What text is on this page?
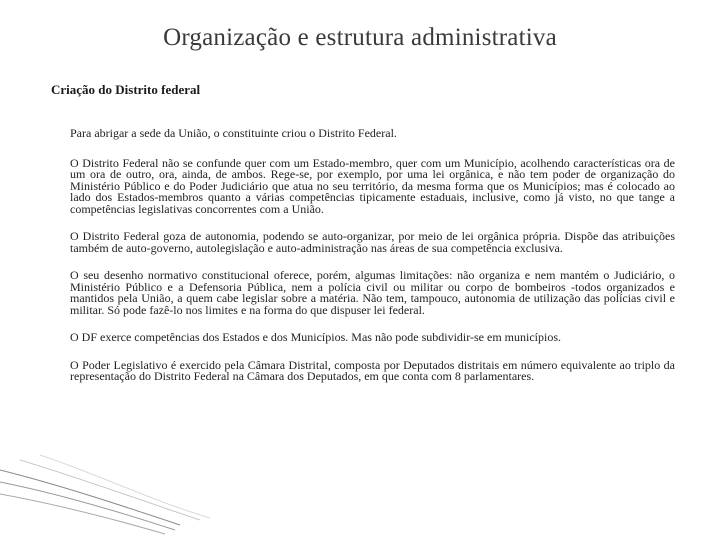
Organização e estrutura administrativa
Criação do Distrito federal

Para abrigar a sede da União, o constituinte criou o Distrito Federal.

O Distrito Federal não se confunde quer com um Estado-membro, quer com um Município, acolhendo características ora de um ora de outro, ora, ainda, de ambos. Rege-se, por exemplo, por uma lei orgânica, e não tem poder de organização do Ministério Público e do Poder Judiciário que atua no seu território, da mesma forma que os Municípios; mas é colocado ao lado dos Estados-membros quanto a várias competências tipicamente estaduais, inclusive, como já visto, no que tange a competências legislativas concorrentes com a União.

O Distrito Federal goza de autonomia, podendo se auto-organizar, por meio de lei orgânica própria. Dispõe das atribuições também de auto-governo, autolegislação e auto-administração nas áreas de sua competência exclusiva.

O seu desenho normativo constitucional oferece, porém, algumas limitações: não organiza e nem mantém o Judiciário, o Ministério Público e a Defensoria Pública, nem a polícia civil ou militar ou corpo de bombeiros -todos organizados e mantidos pela União, a quem cabe legislar sobre a matéria. Não tem, tampouco, autonomia de utilização das polícias civil e militar. Só pode fazê-lo nos limites e na forma do que dispuser lei federal.

O DF exerce competências dos Estados e dos Municípios. Mas não pode subdividir-se em municípios.

O Poder Legislativo é exercido pela Câmara Distrital, composta por Deputados distritais em número equivalente ao triplo da representação do Distrito Federal na Câmara dos Deputados, em que conta com 8 parlamentares.
